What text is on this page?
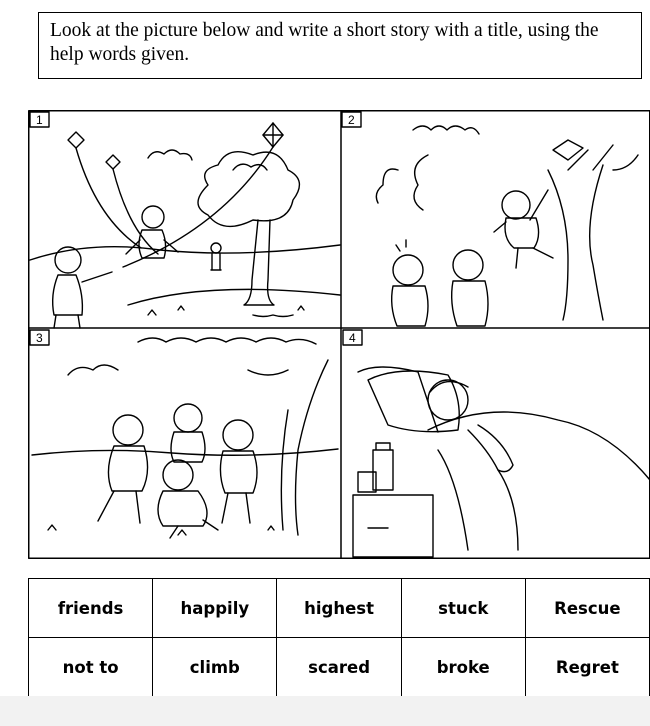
Look at the picture below and write a short story with a title, using the help words given.
1	2
3	4
friends	happily	highest	stuck	Rescue
not to	climb	scared	broke	Regret
